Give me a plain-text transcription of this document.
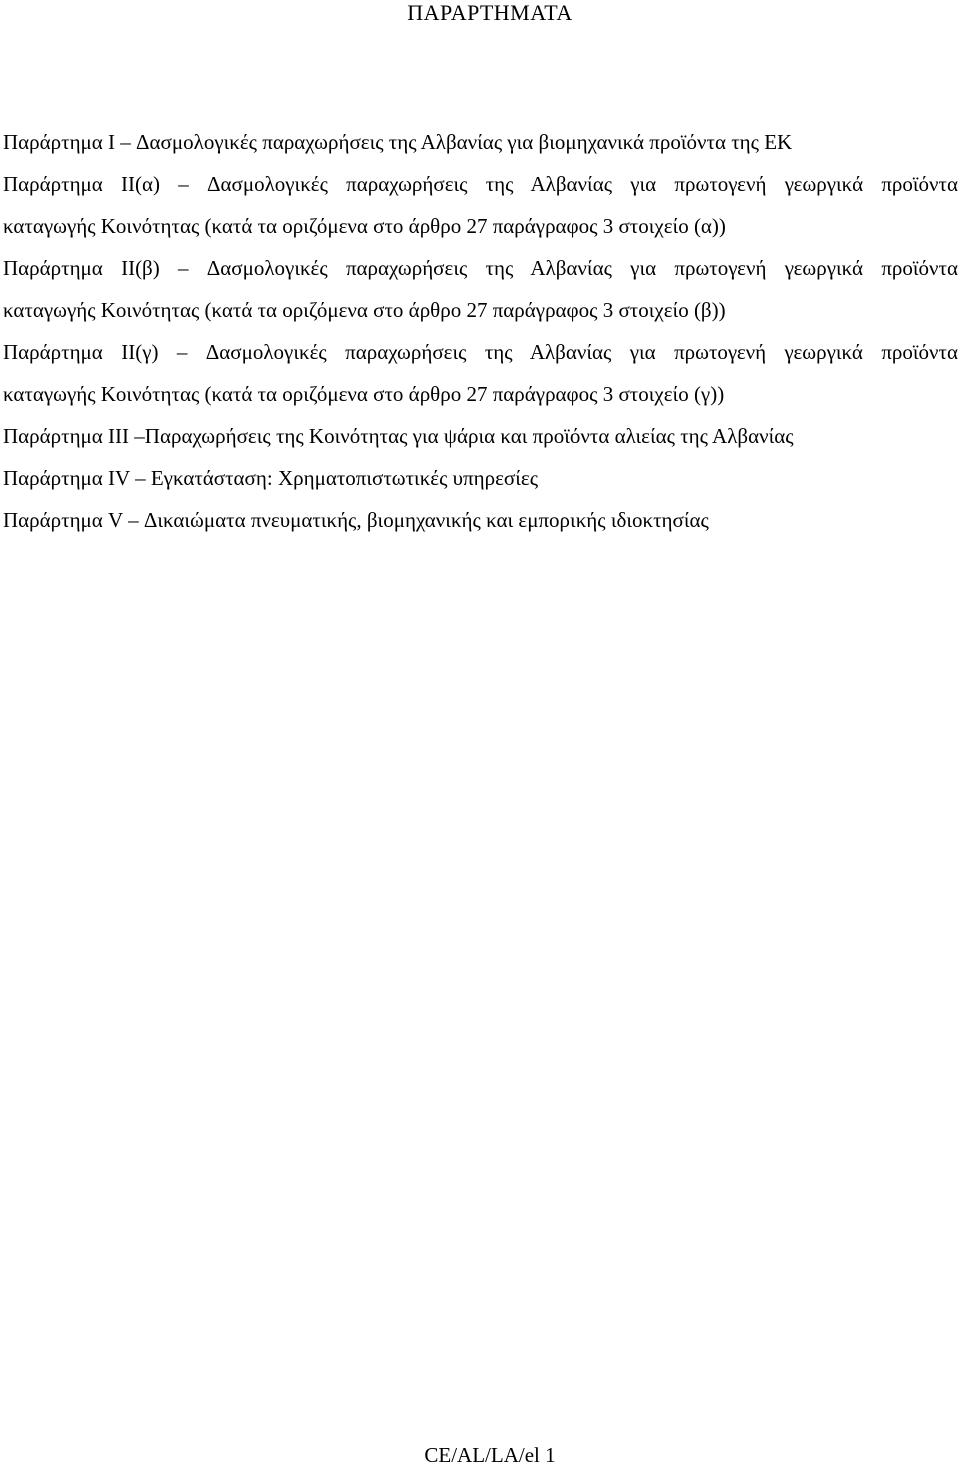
ΠΑΡΑΡΤΗΜΑΤΑ
Παράρτημα I – Δασμολογικές παραχωρήσεις της Αλβανίας για βιομηχανικά προϊόντα της ΕΚ
Παράρτημα II(α) – Δασμολογικές παραχωρήσεις της Αλβανίας για πρωτογενή γεωργικά προϊόντα
καταγωγής Κοινότητας (κατά τα οριζόμενα στο άρθρο 27 παράγραφος 3 στοιχείο (α))
Παράρτημα II(β) – Δασμολογικές παραχωρήσεις της Αλβανίας για πρωτογενή γεωργικά προϊόντα
καταγωγής Κοινότητας (κατά τα οριζόμενα στο άρθρο 27 παράγραφος 3 στοιχείο (β))
Παράρτημα II(γ) – Δασμολογικές παραχωρήσεις της Αλβανίας για πρωτογενή γεωργικά προϊόντα
καταγωγής Κοινότητας (κατά τα οριζόμενα στο άρθρο 27 παράγραφος 3 στοιχείο (γ))
Παράρτημα III –Παραχωρήσεις της Κοινότητας για ψάρια και προϊόντα αλιείας της Αλβανίας
Παράρτημα IV – Εγκατάσταση: Χρηματοπιστωτικές υπηρεσίες
Παράρτημα V – Δικαιώματα πνευματικής, βιομηχανικής και εμπορικής ιδιοκτησίας
CE/AL/LA/el 1
